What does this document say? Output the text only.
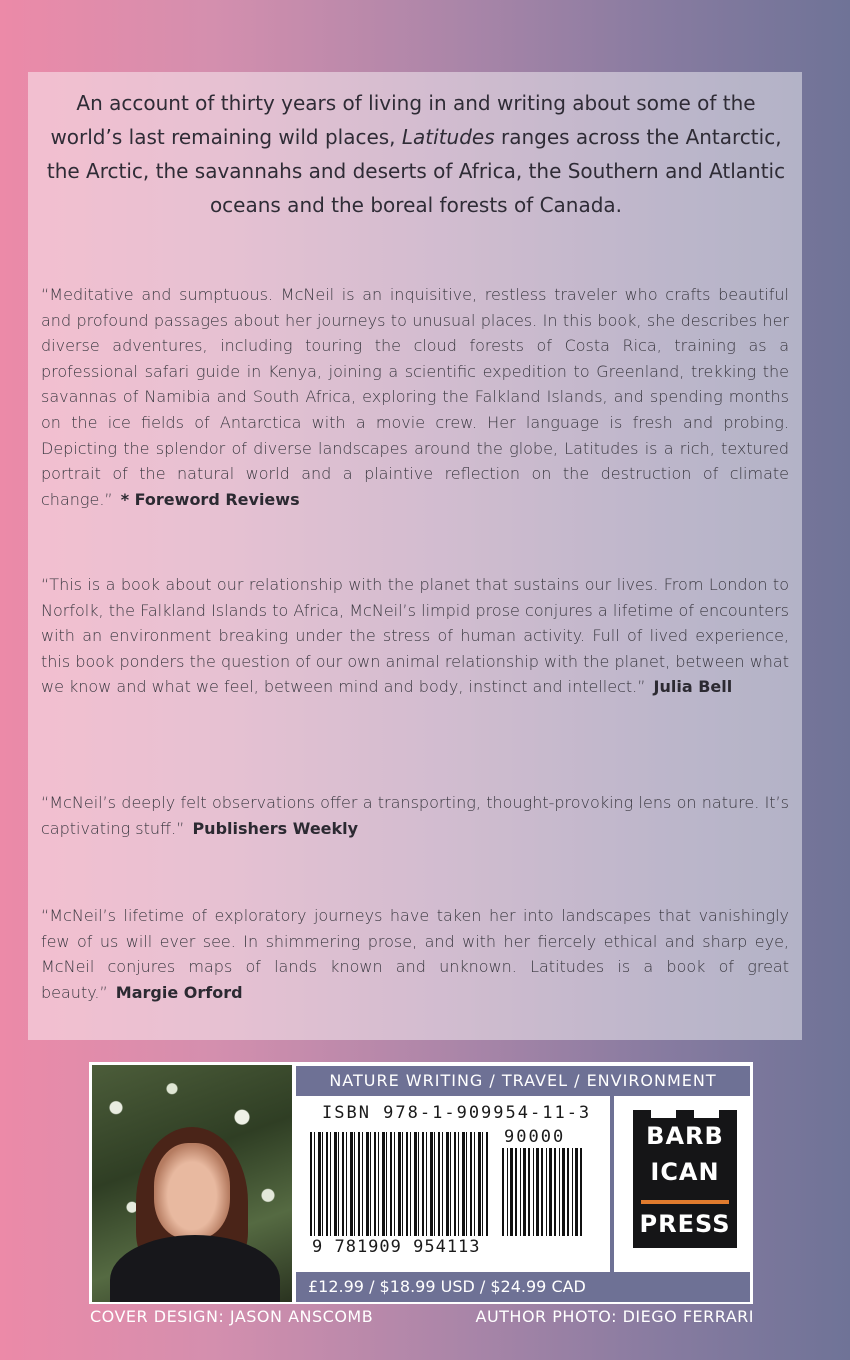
An account of thirty years of living in and writing about some of the world’s last remaining wild places, Latitudes ranges across the Antarctic, the Arctic, the savannahs and deserts of Africa, the Southern and Atlantic oceans and the boreal forests of Canada.
“Meditative and sumptuous. McNeil is an inquisitive, restless traveler who crafts beautiful and profound passages about her journeys to unusual places. In this book, she describes her diverse adventures, including touring the cloud forests of Costa Rica, training as a professional safari guide in Kenya, joining a scientific expedition to Greenland, trekking the savannas of Namibia and South Africa, exploring the Falkland Islands, and spending months on the ice fields of Antarctica with a movie crew. Her language is fresh and probing. Depicting the splendor of diverse landscapes around the globe, Latitudes is a rich, textured portrait of the natural world and a plaintive reflection on the destruction of climate change.” * Foreword Reviews
“This is a book about our relationship with the planet that sustains our lives. From London to Norfolk, the Falkland Islands to Africa, McNeil’s limpid prose conjures a lifetime of encounters with an environment breaking under the stress of human activity. Full of lived experience, this book ponders the question of our own animal relationship with the planet, between what we know and what we feel, between mind and body, instinct and intellect.” Julia Bell
“McNeil’s deeply felt observations offer a transporting, thought-provoking lens on nature. It’s captivating stuff.” Publishers Weekly
“McNeil’s lifetime of exploratory journeys have taken her into landscapes that vanishingly few of us will ever see. In shimmering prose, and with her fiercely ethical and sharp eye, McNeil conjures maps of lands known and unknown. Latitudes is a book of great beauty.” Margie Orford
NATURE WRITING / TRAVEL / ENVIRONMENT
ISBN 978-1-909954-11-3
90000
9 781909 954113
BARB
ICAN
PRESS
£12.99 / $18.99 USD / $24.99 CAD
COVER DESIGN: JASON ANSCOMB	AUTHOR PHOTO: DIEGO FERRARI
